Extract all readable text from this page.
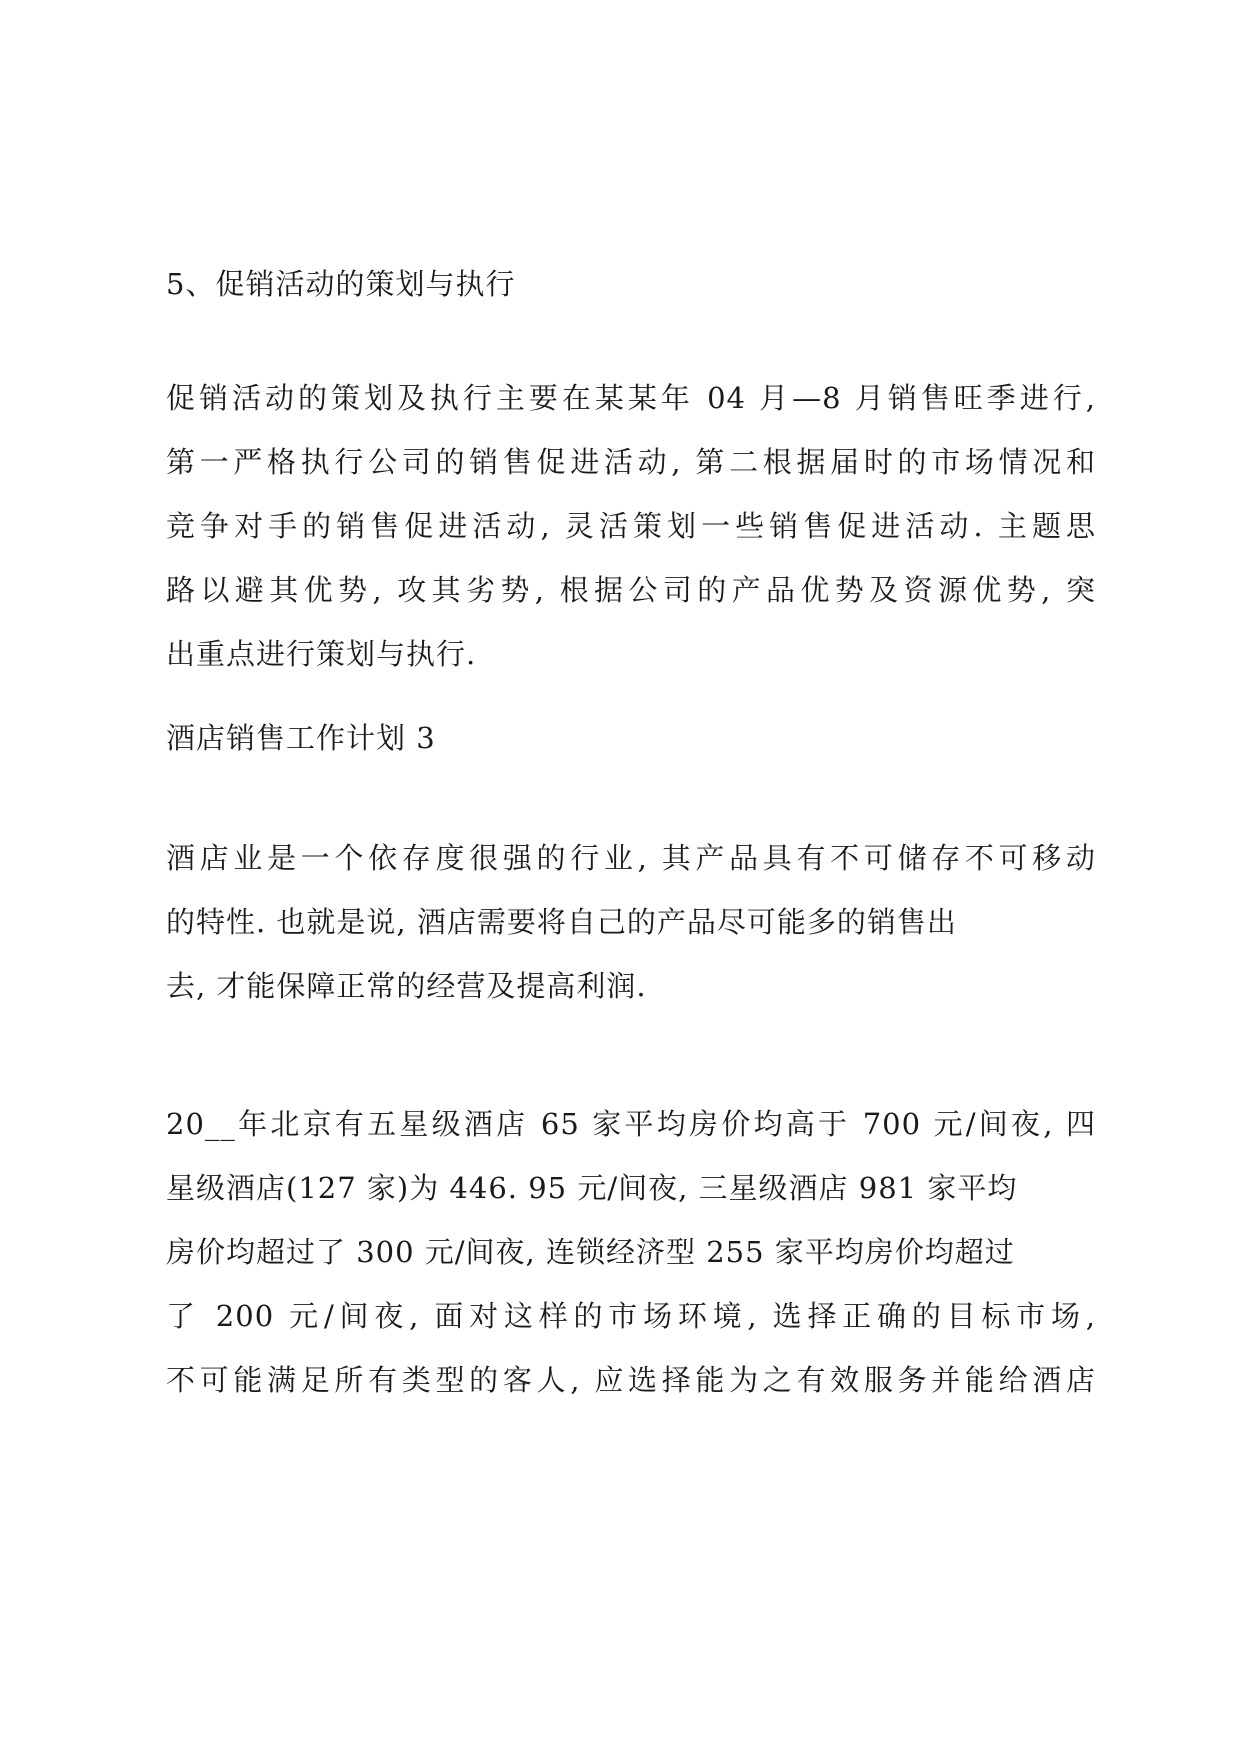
5、促销活动的策划与执行
促销活动的策划及执行主要在某某年 04 月—8 月销售旺季进行,
第一严格执行公司的销售促进活动, 第二根据届时的市场情况和
竞争对手的销售促进活动, 灵活策划一些销售促进活动. 主题思
路以避其优势, 攻其劣势, 根据公司的产品优势及资源优势, 突
出重点进行策划与执行.
酒店销售工作计划 3
酒店业是一个依存度很强的行业, 其产品具有不可储存不可移动
的特性. 也就是说, 酒店需要将自己的产品尽可能多的销售出
去, 才能保障正常的经营及提高利润.
20__年北京有五星级酒店 65 家平均房价均高于 700 元/间夜, 四
星级酒店(127 家)为 446. 95 元/间夜, 三星级酒店 981 家平均
房价均超过了 300 元/间夜, 连锁经济型 255 家平均房价均超过
了 200 元/间夜, 面对这样的市场环境, 选择正确的目标市场,
不可能满足所有类型的客人, 应选择能为之有效服务并能给酒店
